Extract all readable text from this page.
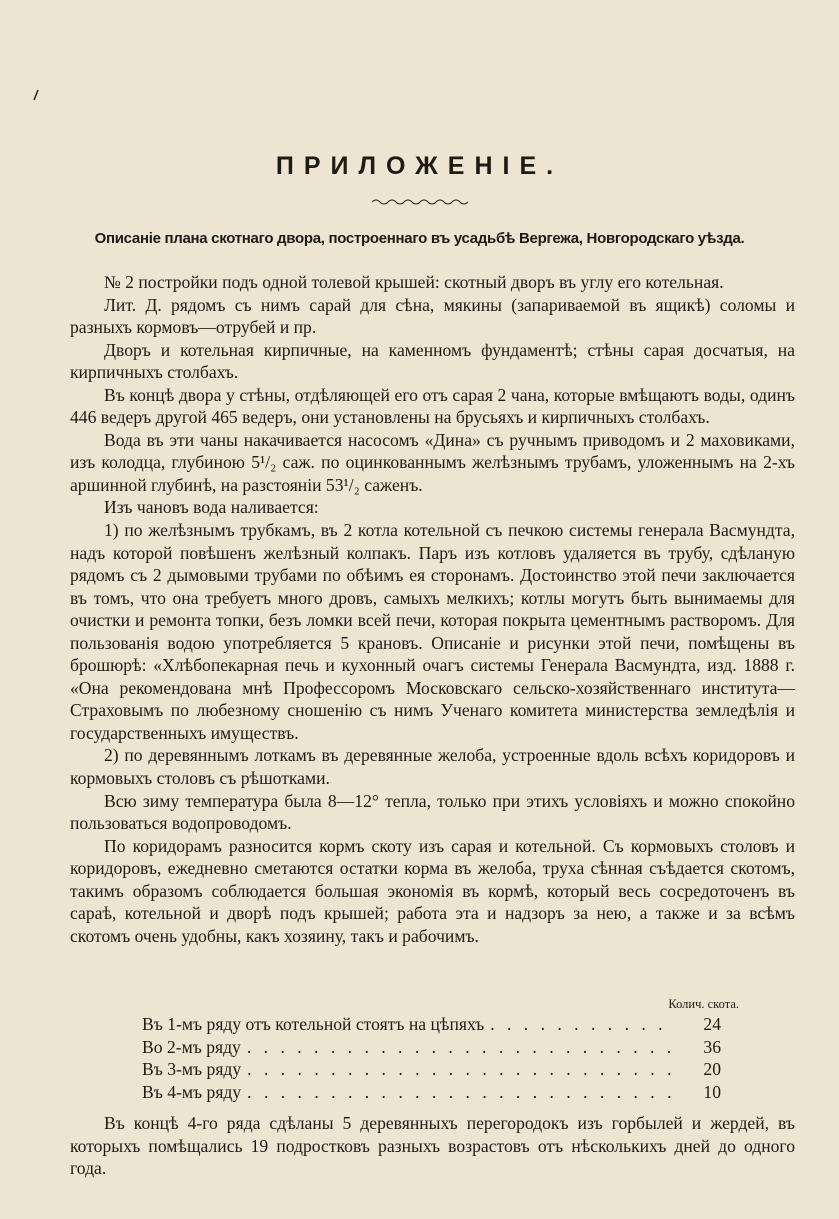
ПРИЛОЖЕНІЕ.
Описаніе плана скотнаго двора, построеннаго въ усадьбѣ Вергежа, Новгородскаго уѣзда.

№ 2 постройки подъ одной толевой крышей: скотный дворъ въ углу его котельная.

Лит. Д. рядомъ съ нимъ сарай для сѣна, мякины (запариваемой въ ящикѣ) соломы и разныхъ кормовъ—отрубей и пр.

Дворъ и котельная кирпичные, на каменномъ фундаментѣ; стѣны сарая досчатыя, на кирпичныхъ столбахъ.

Въ концѣ двора у стѣны, отдѣляющей его отъ сарая 2 чана, которые вмѣщаютъ воды, одинъ 446 ведеръ другой 465 ведеръ, они установлены на брусьяхъ и кирпичныхъ столбахъ.

Вода въ эти чаны накачивается насосомъ «Дина» съ ручнымъ приводомъ и 2 маховиками, изъ колодца, глубиною 5¹/₂ саж. по оцинкованнымъ желѣзнымъ трубамъ, уложеннымъ на 2-хъ аршинной глубинѣ, на разстояніи 53¹/₂ саженъ.

Изъ чановъ вода наливается:

1) по желѣзнымъ трубкамъ, въ 2 котла котельной съ печкою системы генерала Васмундта, надъ которой повѣшенъ желѣзный колпакъ. Паръ изъ котловъ удаляется въ трубу, сдѣланую рядомъ съ 2 дымовыми трубами по обѣимъ ея сторонамъ. Достоинство этой печи заключается въ томъ, что она требуетъ много дровъ, самыхъ мелкихъ; котлы могутъ быть вынимаемы для очистки и ремонта топки, безъ ломки всей печи, которая покрыта цементнымъ растворомъ. Для пользованія водою употребляется 5 крановъ. Описаніе и рисунки этой печи, помѣщены въ брошюрѣ: «Хлѣбопекарная печь и кухонный очагъ системы Генерала Васмундта, изд. 1888 г. «Она рекомендована мнѣ Профессоромъ Московскаго сельско-хозяйственнаго института—Страховымъ по любезному сношенію съ нимъ Ученаго комитета министерства земледѣлія и государственныхъ имуществъ.

2) по деревяннымъ лоткамъ въ деревянные желоба, устроенные вдоль всѣхъ коридоровъ и кормовыхъ столовъ съ рѣшотками.

Всю зиму температура была 8—12° тепла, только при этихъ условіяхъ и можно спокойно пользоваться водопроводомъ.

По коридорамъ разносится кормъ скоту изъ сарая и котельной. Съ кормовыхъ столовъ и коридоровъ, ежедневно сметаются остатки корма въ желоба, труха сѣнная съѣдается скотомъ, такимъ образомъ соблюдается большая экономія въ кормѣ, который весь сосредоточенъ въ сараѣ, котельной и дворѣ подъ крышей; работа эта и надзоръ за нею, а также и за всѣмъ скотомъ очень удобны, какъ хозяину, такъ и рабочимъ.

Колич. скота.
Въ 1-мъ ряду отъ котельной стоятъ на цѣпяхъ . . .	24
Во 2-мъ ряду . . .	36
Въ 3-мъ ряду . . .	20
Въ 4-мъ ряду . . .	10

Въ концѣ 4-го ряда сдѣланы 5 деревянныхъ перегородокъ изъ горбылей и жердей, въ которыхъ помѣщались 19 подростковъ разныхъ возрастовъ отъ нѣсколькихъ дней до одного года.
